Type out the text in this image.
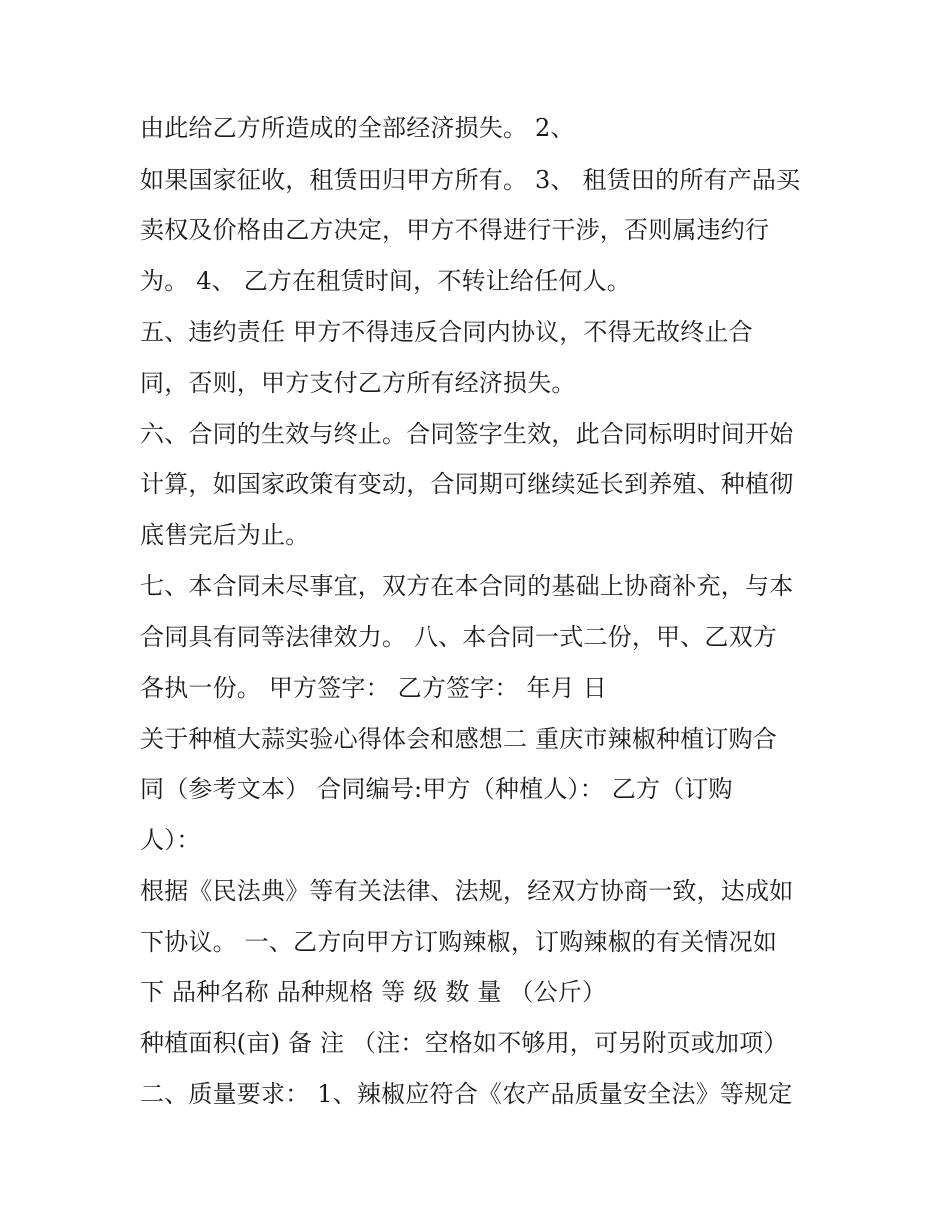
由此给乙方所造成的全部经济损失。 2、
如果国家征收，租赁田归甲方所有。 3、 租赁田的所有产品买
卖权及价格由乙方决定，甲方不得进行干涉，否则属违约行
为。 4、 乙方在租赁时间，不转让给任何人。
五、违约责任 甲方不得违反合同内协议，不得无故终止合
同，否则，甲方支付乙方所有经济损失。
六、合同的生效与终止。合同签字生效，此合同标明时间开始
计算，如国家政策有变动，合同期可继续延长到养殖、种植彻
底售完后为止。
七、本合同未尽事宜，双方在本合同的基础上协商补充，与本
合同具有同等法律效力。 八、本合同一式二份，甲、乙双方
各执一份。 甲方签字： 乙方签字： 年月 日
关于种植大蒜实验心得体会和感想二 重庆市辣椒种植订购合
同（参考文本） 合同编号:甲方（种植人）： 乙方（订购
人）：
根据《民法典》等有关法律、法规，经双方协商一致，达成如
下协议。 一、乙方向甲方订购辣椒，订购辣椒的有关情况如
下 品种名称 品种规格 等 级 数 量 （公斤）
种植面积(亩) 备 注 （注：空格如不够用，可另附页或加项）
二、质量要求： 1、辣椒应符合《农产品质量安全法》等规定
